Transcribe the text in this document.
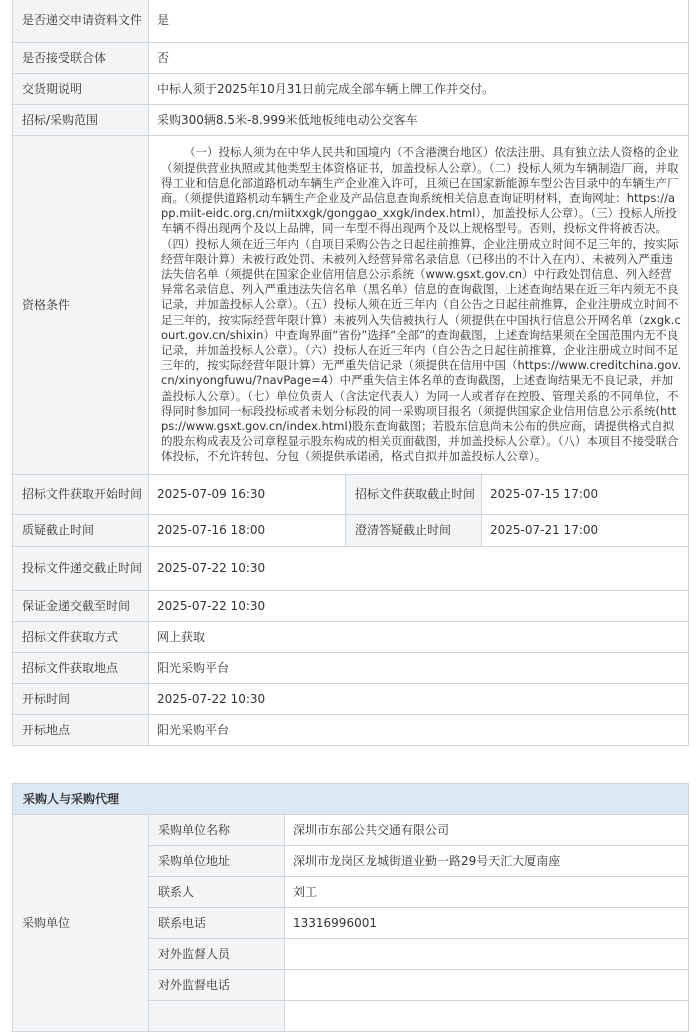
是否递交申请资料文件	是		
是否接受联合体	否		
交货期说明	中标人须于2025年10月31日前完成全部车辆上牌工作并交付。		
招标/采购范围	采购300辆8.5米-8.999米低地板纯电动公交客车		
资格条件	（一）投标人须为在中华人民共和国境内（不含港澳台地区）依法注册、具有独立法人资格的企业（须提供营业执照或其他类型主体资格证书，加盖投标人公章）。（二）投标人须为车辆制造厂商，并取得工业和信息化部道路机动车辆生产企业准入许可，且须已在国家新能源车型公告目录中的车辆生产厂商。（须提供道路机动车辆生产企业及产品信息查询系统相关信息查询证明材料，查询网址：https://app.miit-eidc.org.cn/miitxxgk/gonggao_xxgk/index.html），加盖投标人公章）。（三）投标人所投车辆不得出现两个及以上品牌，同一车型不得出现两个及以上规格型号。否则，投标文件将被否决。（四）投标人须在近三年内（自项目采购公告之日起往前推算，企业注册成立时间不足三年的，按实际经营年限计算）未被行政处罚、未被列入经营异常名录信息（已移出的不计入在内）、未被列入严重违法失信名单（须提供在国家企业信用信息公示系统（www.gsxt.gov.cn）中行政处罚信息、列入经营异常名录信息、列入严重违法失信名单（黑名单）信息的查询截图，上述查询结果在近三年内须无不良记录，并加盖投标人公章）。（五）投标人须在近三年内（自公告之日起往前推算，企业注册成立时间不足三年的，按实际经营年限计算）未被列入失信被执行人（须提供在中国执行信息公开网名单（zxgk.court.gov.cn/shixin）中查询界面“省份”选择“全部”的查询截图，上述查询结果须在全国范围内无不良记录，并加盖投标人公章）。（六）投标人在近三年内（自公告之日起往前推算，企业注册成立时间不足三年的，按实际经营年限计算）无严重失信记录（须提供在信用中国（https://www.creditchina.gov.cn/xinyongfuwu/?navPage=4）中严重失信主体名单的查询截图，上述查询结果无不良记录，并加盖投标人公章）。（七）单位负责人（含法定代表人）为同一人或者存在控股、管理关系的不同单位，不得同时参加同一标段投标或者未划分标段的同一采购项目报名（须提供国家企业信用信息公示系统(https://www.gsxt.gov.cn/index.html)股东查询截图；若股东信息尚未公布的供应商，请提供格式自拟的股东构成表及公司章程显示股东构成的相关页面截图，并加盖投标人公章）。（八）本项目不接受联合体投标，不允许转包、分包（须提供承诺函，格式自拟并加盖投标人公章）。		
招标文件获取开始时间	2025-07-09 16:30	招标文件获取截止时间	2025-07-15 17:00
质疑截止时间	2025-07-16 18:00	澄清答疑截止时间	2025-07-21 17:00
投标文件递交截止时间	2025-07-22 10:30		
保证金递交截至时间	2025-07-22 10:30		
招标文件获取方式	网上获取		
招标文件获取地点	阳光采购平台		
开标时间	2025-07-22 10:30		
开标地点	阳光采购平台		
采购人与采购代理		
采购单位	采购单位名称	深圳市东部公共交通有限公司
	采购单位地址	深圳市龙岗区龙城街道业勤一路29号天汇大厦南座
	联系人	刘工
	联系电话	13316996001
	对外监督人员	
	对外监督电话	
